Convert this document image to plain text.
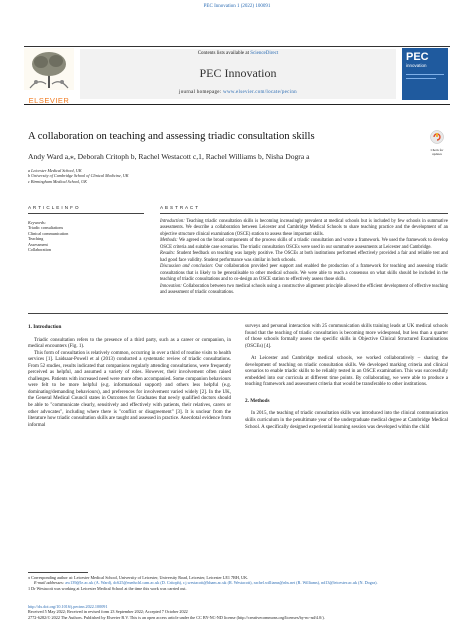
PEC Innovation 1 (2022) 100091
ELSEVIER
Contents lists available at ScienceDirect
PEC Innovation
journal homepage: www.elsevier.com/locate/pecinn
PEC
innovation
A collaboration on teaching and assessing triadic consultation skills
Check for updates
Andy Ward a,⁎, Deborah Critoph b, Rachel Westacott c,1, Rachel Williams b, Nisha Dogra a
a Leicester Medical School, UK
b University of Cambridge School of Clinical Medicine, UK
c Birmingham Medical School, UK
A R T I C L E I N F O
Keywords:
Triadic consultations
Clinical communication
Teaching
Assessment
Collaboration
A B S T R A C T
Introduction: Teaching triadic consultation skills is becoming increasingly prevalent at medical schools but is included by few schools in summative assessments. We describe a collaboration between Leicester and Cambridge Medical Schools to share teaching practice and the development of an objective structure clinical examination (OSCE) station to assess these important skills.
Methods: We agreed on the broad components of the process skills of a triadic consultation and wrote a framework. We used the framework to develop OSCE criteria and suitable case scenarios. The triadic consultation OSCEs were used in our summative assessments at Leicester and Cambridge.
Results: Student feedback on teaching was largely positive. The OSCEs at both institutions performed effectively provided a fair and reliable test and had good face validity. Student performance was similar in both schools.
Discussion and conclusion: Our collaboration provided peer support and enabled the production of a framework for teaching and assessing triadic consultations that is likely to be generalisable to other medical schools. We were able to reach a consensus on what skills should be included in the teaching of triadic consultations and to co-design an OSCE station to effectively assess those skills.
Innovation: Collaboration between two medical schools using a constructive alignment principle allowed the efficient development of effective teaching and assessment of triadic consultations.
1. Introduction

Triadic consultation refers to the presence of a third party, such as a career or companion, in medical encounters (Fig. 1).

This form of consultation is relatively common, occurring in over a third of routine visits to health services [1]. Laidsaar-Powell et al (2013) conducted a systematic review of triadic consultations. From 52 studies, results indicated that companions regularly attending consultations, were frequently perceived as helpful, and assumed a variety of roles. However, their involvement often raised challenges. Patients with increased need were more often accompanied. Some companion behaviours were felt to be more helpful (e.g. informational support) and others less helpful (e.g. dominating/demanding behaviours), and preferences for involvement varied widely [2]. In the UK, the General Medical Council states in Outcomes for Graduates that newly qualified doctors should be able to "communicate clearly, sensitively and effectively with patients, their relatives, carers or other advocates", including where there is "conflict or disagreement" [3]. It is unclear from the literature how triadic consultation skills are taught and assessed in practice. Anecdotal evidence from informal

surveys and personal interaction with 25 communication skills training leads at UK medical schools found that the teaching of triadic consultation is becoming more widespread, but less than a quarter of those schools formally assess the specific skills in Objective Clinical Structured Examinations (OSCEs) [4].

At Leicester and Cambridge medical schools, we worked collaboratively – sharing the development of teaching on triadic consultation skills. We developed marking criteria and clinical scenarios to enable triadic skills to be reliably tested in an OSCE examination. This was successfully embedded into our curricula at different time points. By collaborating, we were able to produce a teaching framework and assessment criteria that would be transferable to other institutions.

2. Methods

In 2015, the teaching of triadic consultation skills was introduced into the clinical communication skills curriculum in the penultimate year of the undergraduate medical degree at Cambridge Medical School. A specifically designed experiential learning session was developed within the child

⁎ Corresponding author at: Leicester Medical School, University of Leicester, University Road, Leicester, Leicester LE1 7RH, UK.
E-mail addresses: aw139@le.ac.uk (A. Ward), dc625@medschl.cam.ac.uk (D. Critoph), r.j.westacott@bham.ac.uk (R. Westacott), rachel.williams@nhs.net (R. Williams), nd13@leicester.ac.uk (N. Dogra).
1 Dr Westacott was working at Leicester Medical School at the time this work was carried out.
http://dx.doi.org/10.1016/j.pecinn.2022.100091
Received 5 May 2022; Received in revised form 23 September 2022; Accepted 7 October 2022
2772-6282/© 2022 The Authors. Published by Elsevier B.V. This is an open access article under the CC BY-NC-ND license (http://creativecommons.org/licenses/by-nc-nd/4.0/).
